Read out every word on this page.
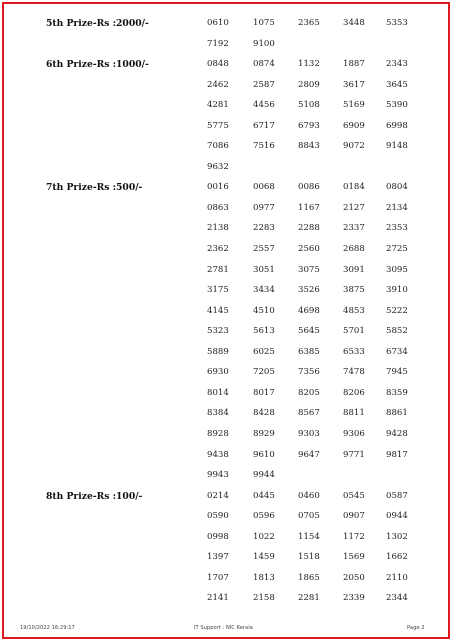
19/10/2022 16:29:17	IT Support : NIC Kerala	Page 2
5th Prize-Rs :2000/-	0610	1075	2365	3448 5353
7192	9100
6th Prize-Rs :1000/-	0848	0874	1132	1887 2343
2462	2587	2809	3617 3645
4281	4456	5108	5169 5390
5775	6717	6793	6909 6998
7086	7516	8843	9072 9148
9632
7th Prize-Rs :500/-	0016	0068	0086	0184 0804
0863	0977	1167	2127 2134
2138	2283	2288	2337 2353
2362	2557	2560	2688 2725
2781	3051	3075	3091 3095
3175	3434	3526	3875 3910
4145	4510	4698	4853 5222
5323	5613	5645	5701 5852
5889	6025	6385	6533 6734
6930	7205	7356	7478 7945
8014	8017	8205	8206 8359
8384	8428	8567	8811 8861
8928	8929	9303	9306 9428
9438	9610	9647	9771 9817
9943	9944
8th Prize-Rs :100/-	0214	0445	0460	0545 0587
0590	0596	0705	0907 0944
0998	1022	1154	1172 1302
1397	1459	1518	1569 1662
1707	1813	1865	2050 2110
2141	2158	2281	2339 2344
